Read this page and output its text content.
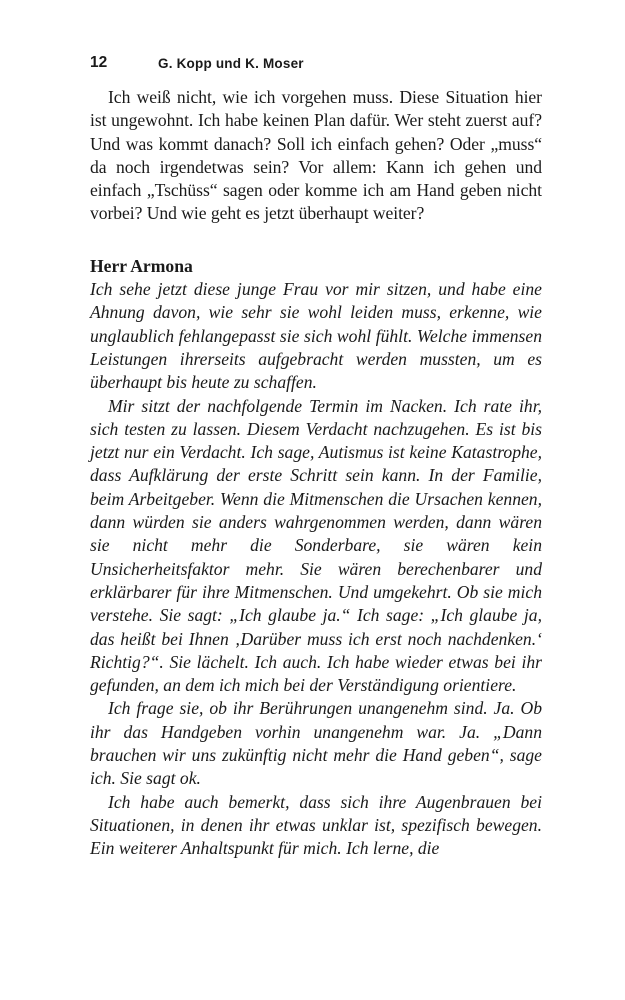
12	G. Kopp und K. Moser

Ich weiß nicht, wie ich vorgehen muss. Diese Situation hier ist ungewohnt. Ich habe keinen Plan dafür. Wer steht zuerst auf? Und was kommt danach? Soll ich einfach gehen? Oder „muss“ da noch irgendetwas sein? Vor allem: Kann ich gehen und einfach „Tschüss“ sagen oder komme ich am Hand geben nicht vorbei? Und wie geht es jetzt überhaupt weiter?

Herr Armona

Ich sehe jetzt diese junge Frau vor mir sitzen, und habe eine Ahnung davon, wie sehr sie wohl leiden muss, erkenne, wie unglaublich fehlangepasst sie sich wohl fühlt. Welche immensen Leistungen ihrerseits aufgebracht werden mussten, um es überhaupt bis heute zu schaffen.

Mir sitzt der nachfolgende Termin im Nacken. Ich rate ihr, sich testen zu lassen. Diesem Verdacht nachzugehen. Es ist bis jetzt nur ein Verdacht. Ich sage, Autismus ist keine Katastrophe, dass Aufklärung der erste Schritt sein kann. In der Familie, beim Arbeitgeber. Wenn die Mitmenschen die Ursachen kennen, dann würden sie anders wahrgenommen werden, dann wären sie nicht mehr die Sonderbare, sie wären kein Unsicherheitsfaktor mehr. Sie wären berechenbarer und erklärbarer für ihre Mitmenschen. Und umgekehrt. Ob sie mich verstehe. Sie sagt: „Ich glaube ja.“ Ich sage: „Ich glaube ja, das heißt bei Ihnen ‚Darüber muss ich erst noch nachdenken.‘ Richtig?“. Sie lächelt. Ich auch. Ich habe wieder etwas bei ihr gefunden, an dem ich mich bei der Verständigung orientiere.

Ich frage sie, ob ihr Berührungen unangenehm sind. Ja. Ob ihr das Handgeben vorhin unangenehm war. Ja. „Dann brauchen wir uns zukünftig nicht mehr die Hand geben“, sage ich. Sie sagt ok.

Ich habe auch bemerkt, dass sich ihre Augenbrauen bei Situationen, in denen ihr etwas unklar ist, spezifisch bewegen. Ein weiterer Anhaltspunkt für mich. Ich lerne, die
